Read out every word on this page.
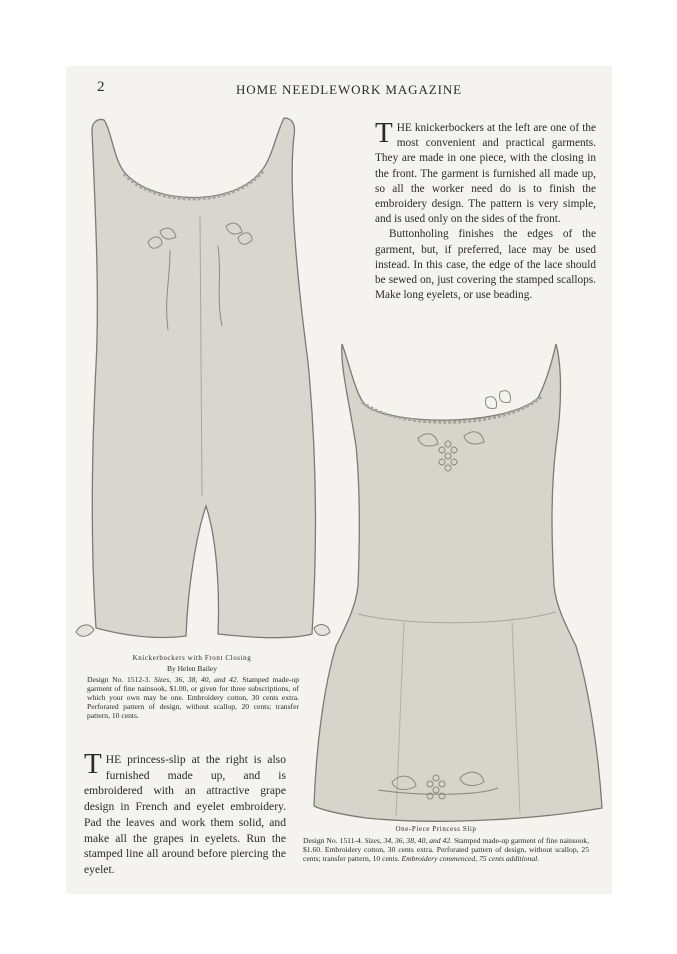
2	HOME NEEDLEWORK MAGAZINE
T HE knickerbockers at the left are one of the most convenient and practical garments. They are made in one piece, with the closing in the front. The garment is furnished all made up, so all the worker need do is to finish the embroidery design. The pattern is very simple, and is used only on the sides of the front.

Buttonholing finishes the edges of the garment, but, if preferred, lace may be used instead. In this case, the edge of the lace should be sewed on, just covering the stamped scallops. Make long eyelets, or use beading.

Knickerbockers with Front Closing
By Helen Bailey
Design No. 1512-3. Sizes, 36, 38, 40, and 42. Stamped made-up garment of fine nainsook, $1.00, or given for three subscriptions, of which your own may be one. Embroidery cotton, 30 cents extra. Perforated pattern of design, without scallop, 20 cents; transfer pattern, 10 cents.
T HE princess-slip at the right is also furnished made up, and is embroidered with an attractive grape design in French and eyelet embroidery. Pad the leaves and work them solid, and make all the grapes in eyelets. Run the stamped line all around before piercing the eyelet.

One-Piece Princess Slip
Design No. 1511-4. Sizes, 34, 36, 38, 40, and 42. Stamped made-up garment of fine nainsook, $1.60. Embroidery cotton, 30 cents extra. Perforated pattern of design, without scallop, 25 cents; transfer pattern, 10 cents. Embroidery commenced, 75 cents additional.
